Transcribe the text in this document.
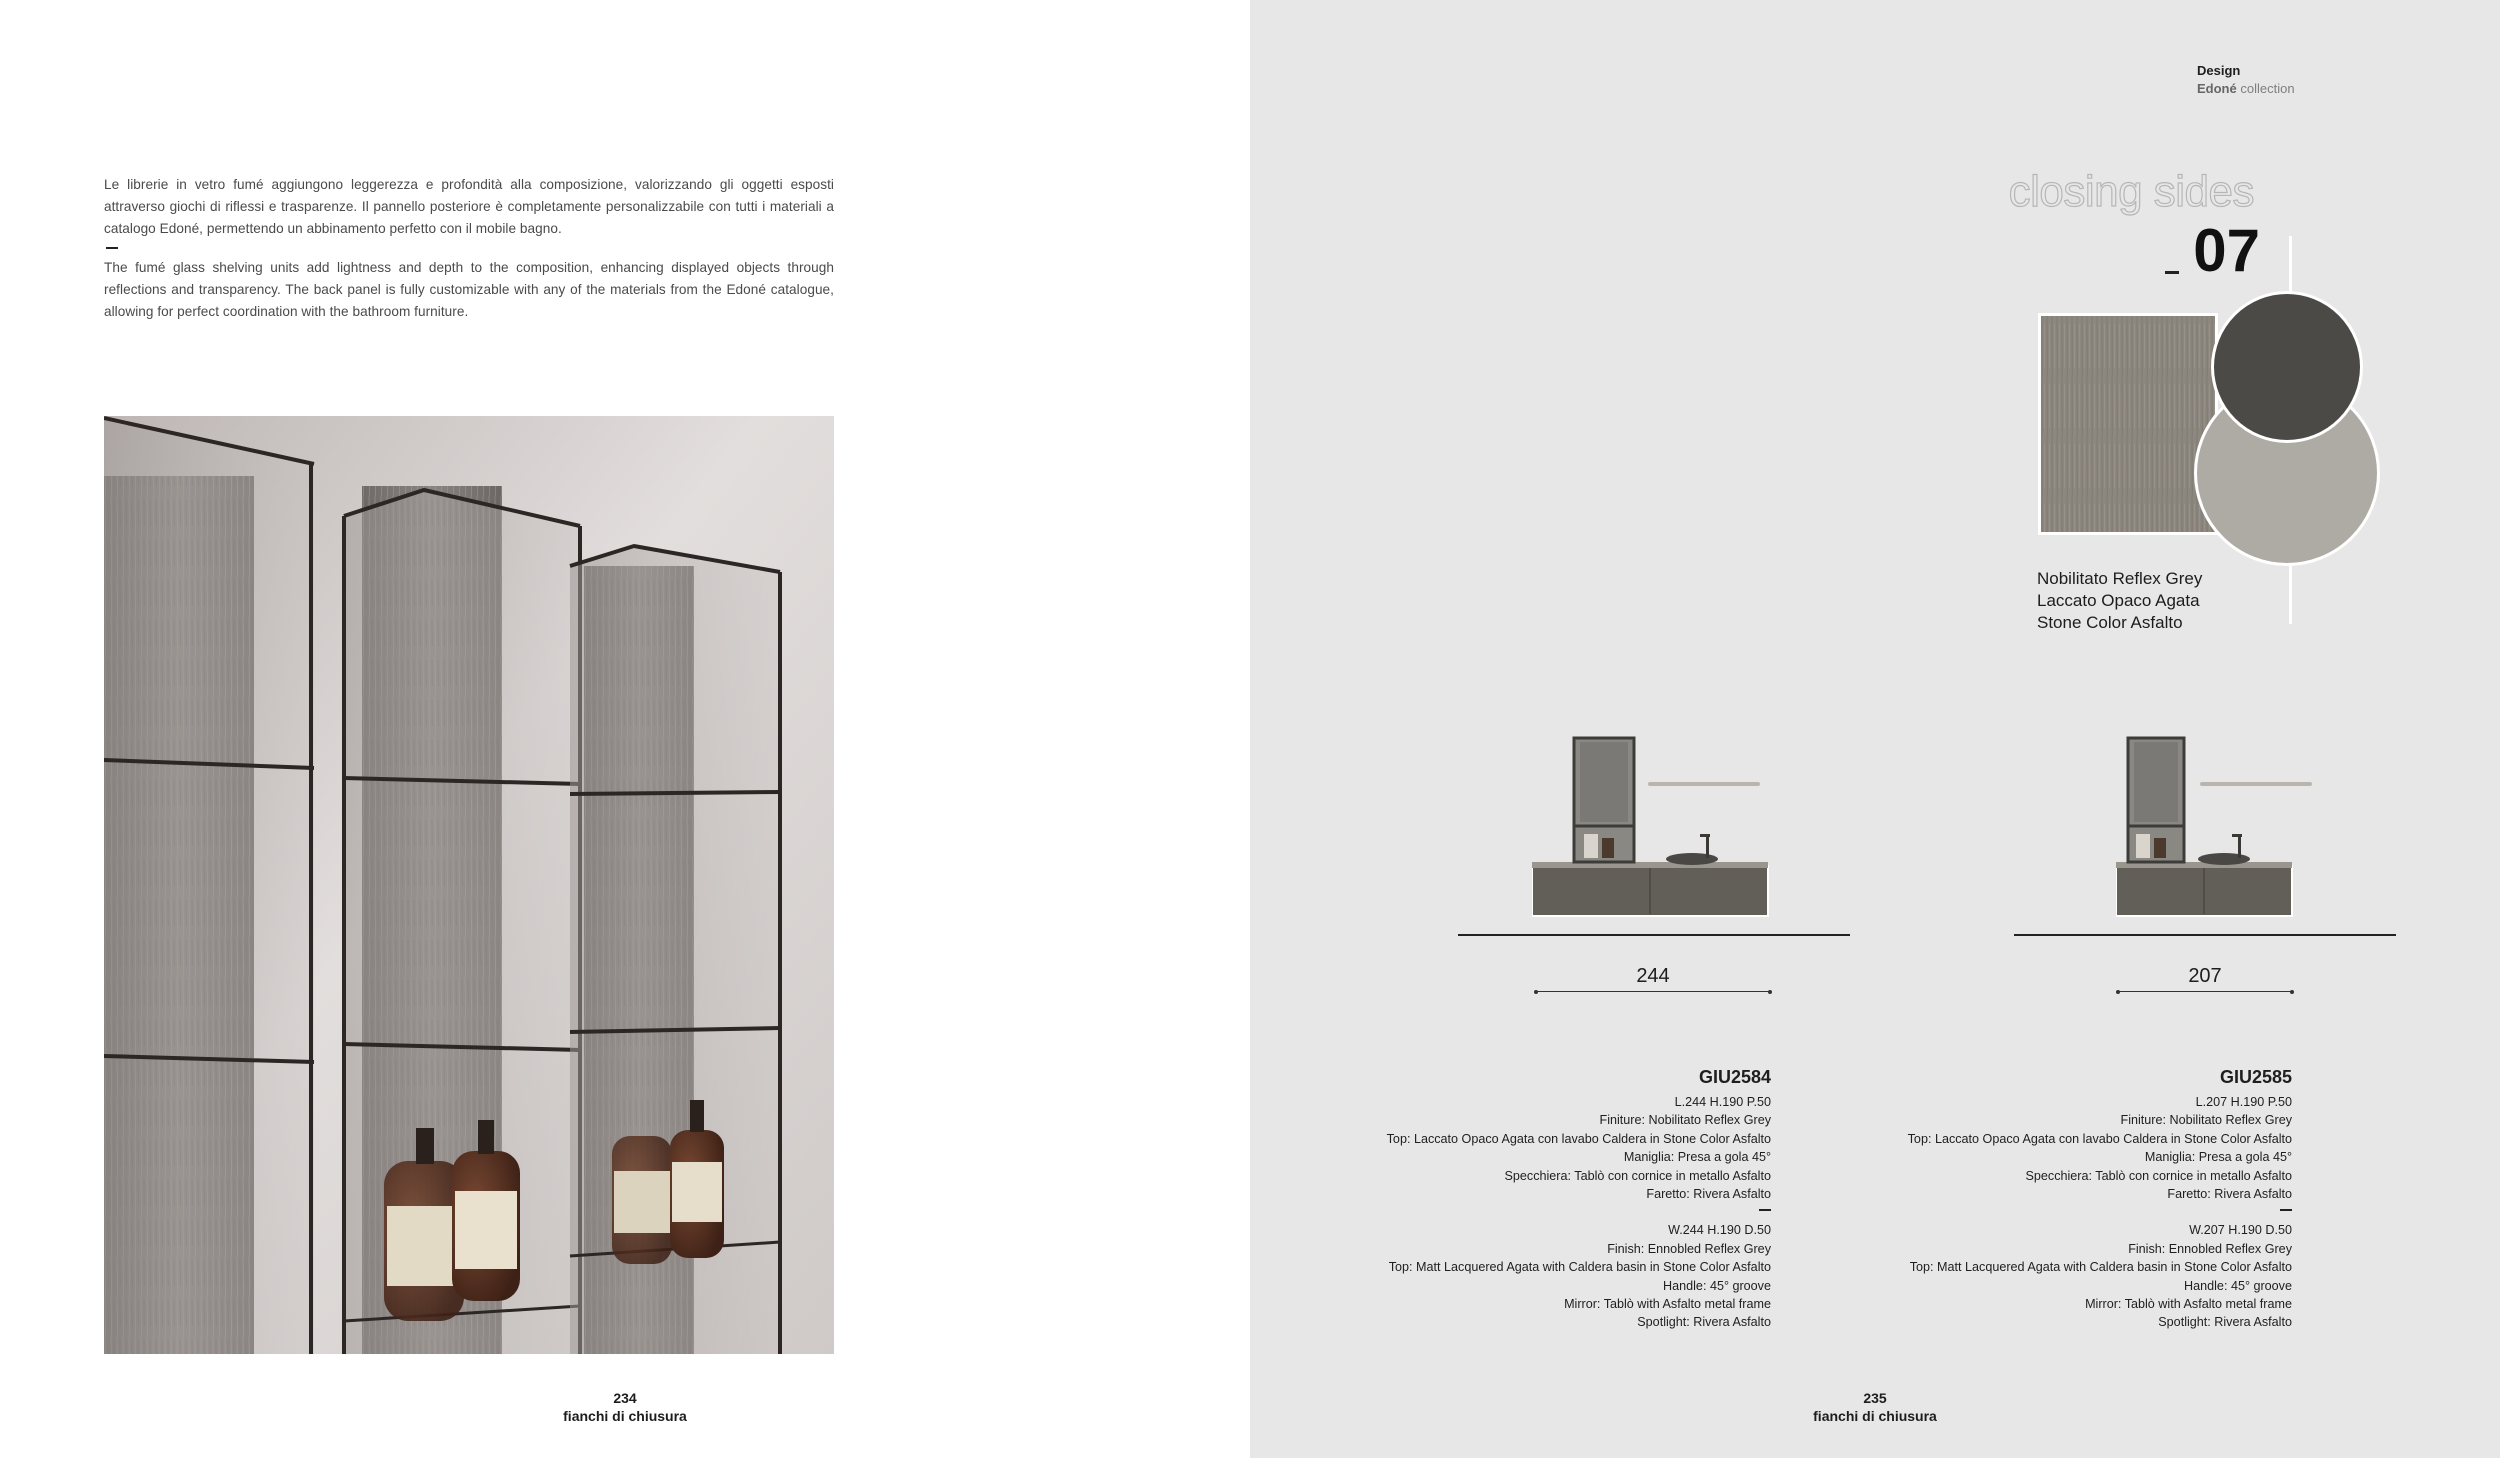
Le librerie in vetro fumé aggiungono leggerezza e profondità alla composizione, valorizzando gli oggetti esposti attraverso giochi di riflessi e trasparenze. Il pannello posteriore è completamente personalizzabile con tutti i materiali a catalogo Edoné, permettendo un abbinamento perfetto con il mobile bagno.

The fumé glass shelving units add lightness and depth to the composition, enhancing displayed objects through reflections and transparency. The back panel is fully customizable with any of the materials from the Edoné catalogue, allowing for perfect coordination with the bathroom furniture.

234
fianchi di chiusura
Design
Edoné collection
closing sides
07
Nobilitato Reflex Grey
Laccato Opaco Agata
Stone Color Asfalto
244	207
GIU2584
L.244 H.190 P.50
Finiture: Nobilitato Reflex Grey
Top: Laccato Opaco Agata con lavabo Caldera in Stone Color Asfalto
Maniglia: Presa a gola 45°
Specchiera: Tablò con cornice in metallo Asfalto
Faretto: Rivera Asfalto
W.244 H.190 D.50
Finish: Ennobled Reflex Grey
Top: Matt Lacquered Agata with Caldera basin in Stone Color Asfalto
Handle: 45° groove
Mirror: Tablò with Asfalto metal frame
Spotlight: Rivera Asfalto
GIU2585
L.207 H.190 P.50
Finiture: Nobilitato Reflex Grey
Top: Laccato Opaco Agata con lavabo Caldera in Stone Color Asfalto
Maniglia: Presa a gola 45°
Specchiera: Tablò con cornice in metallo Asfalto
Faretto: Rivera Asfalto
W.207 H.190 D.50
Finish: Ennobled Reflex Grey
Top: Matt Lacquered Agata with Caldera basin in Stone Color Asfalto
Handle: 45° groove
Mirror: Tablò with Asfalto metal frame
Spotlight: Rivera Asfalto
235
fianchi di chiusura
